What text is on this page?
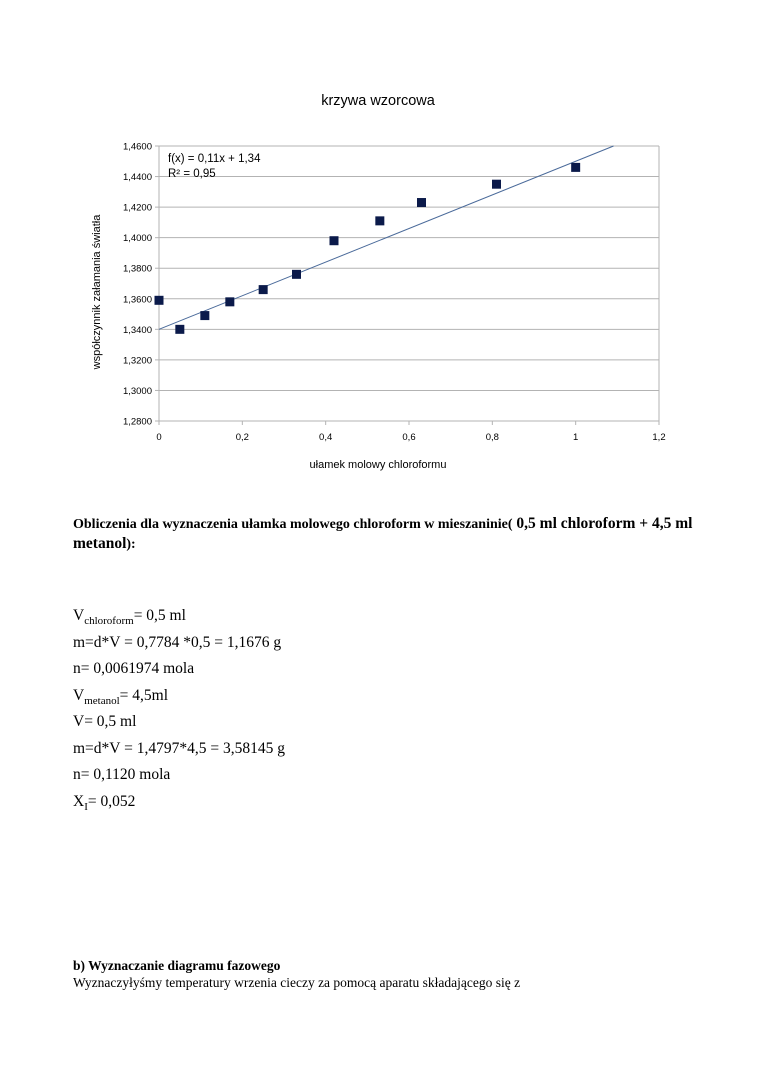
krzywa wzorcowa
1,2800
1,3000
1,3200
1,3400
1,3600
1,3800
1,4000
1,4200
1,4400
1,4600
0	0,2	0,4	0,6	0,8	1	1,2
f(x) = 0,11x + 1,34
R² = 0,95
ułamek molowy chloroformu
współczynnik załamania światła
Obliczenia dla wyznaczenia ułamka molowego chloroform w mieszaninie( 0,5 ml chloroform + 4,5 ml metanol):
$V_{chloroform}= 0,5$ ml
m=d*V = 0,7784 *0,5 = 1,1676 g
n= 0,0061974 mola
$V_{metanol}= 4,5ml$
V= 0,5 ml
m=d*V = 1,4797*4,5 = 3,58145 g
n= 0,1120 mola
$X_I= 0,052$
b) Wyznaczanie diagramu fazowego
Wyznaczyłyśmy temperatury wrzenia cieczy za pomocą aparatu składającego się z
